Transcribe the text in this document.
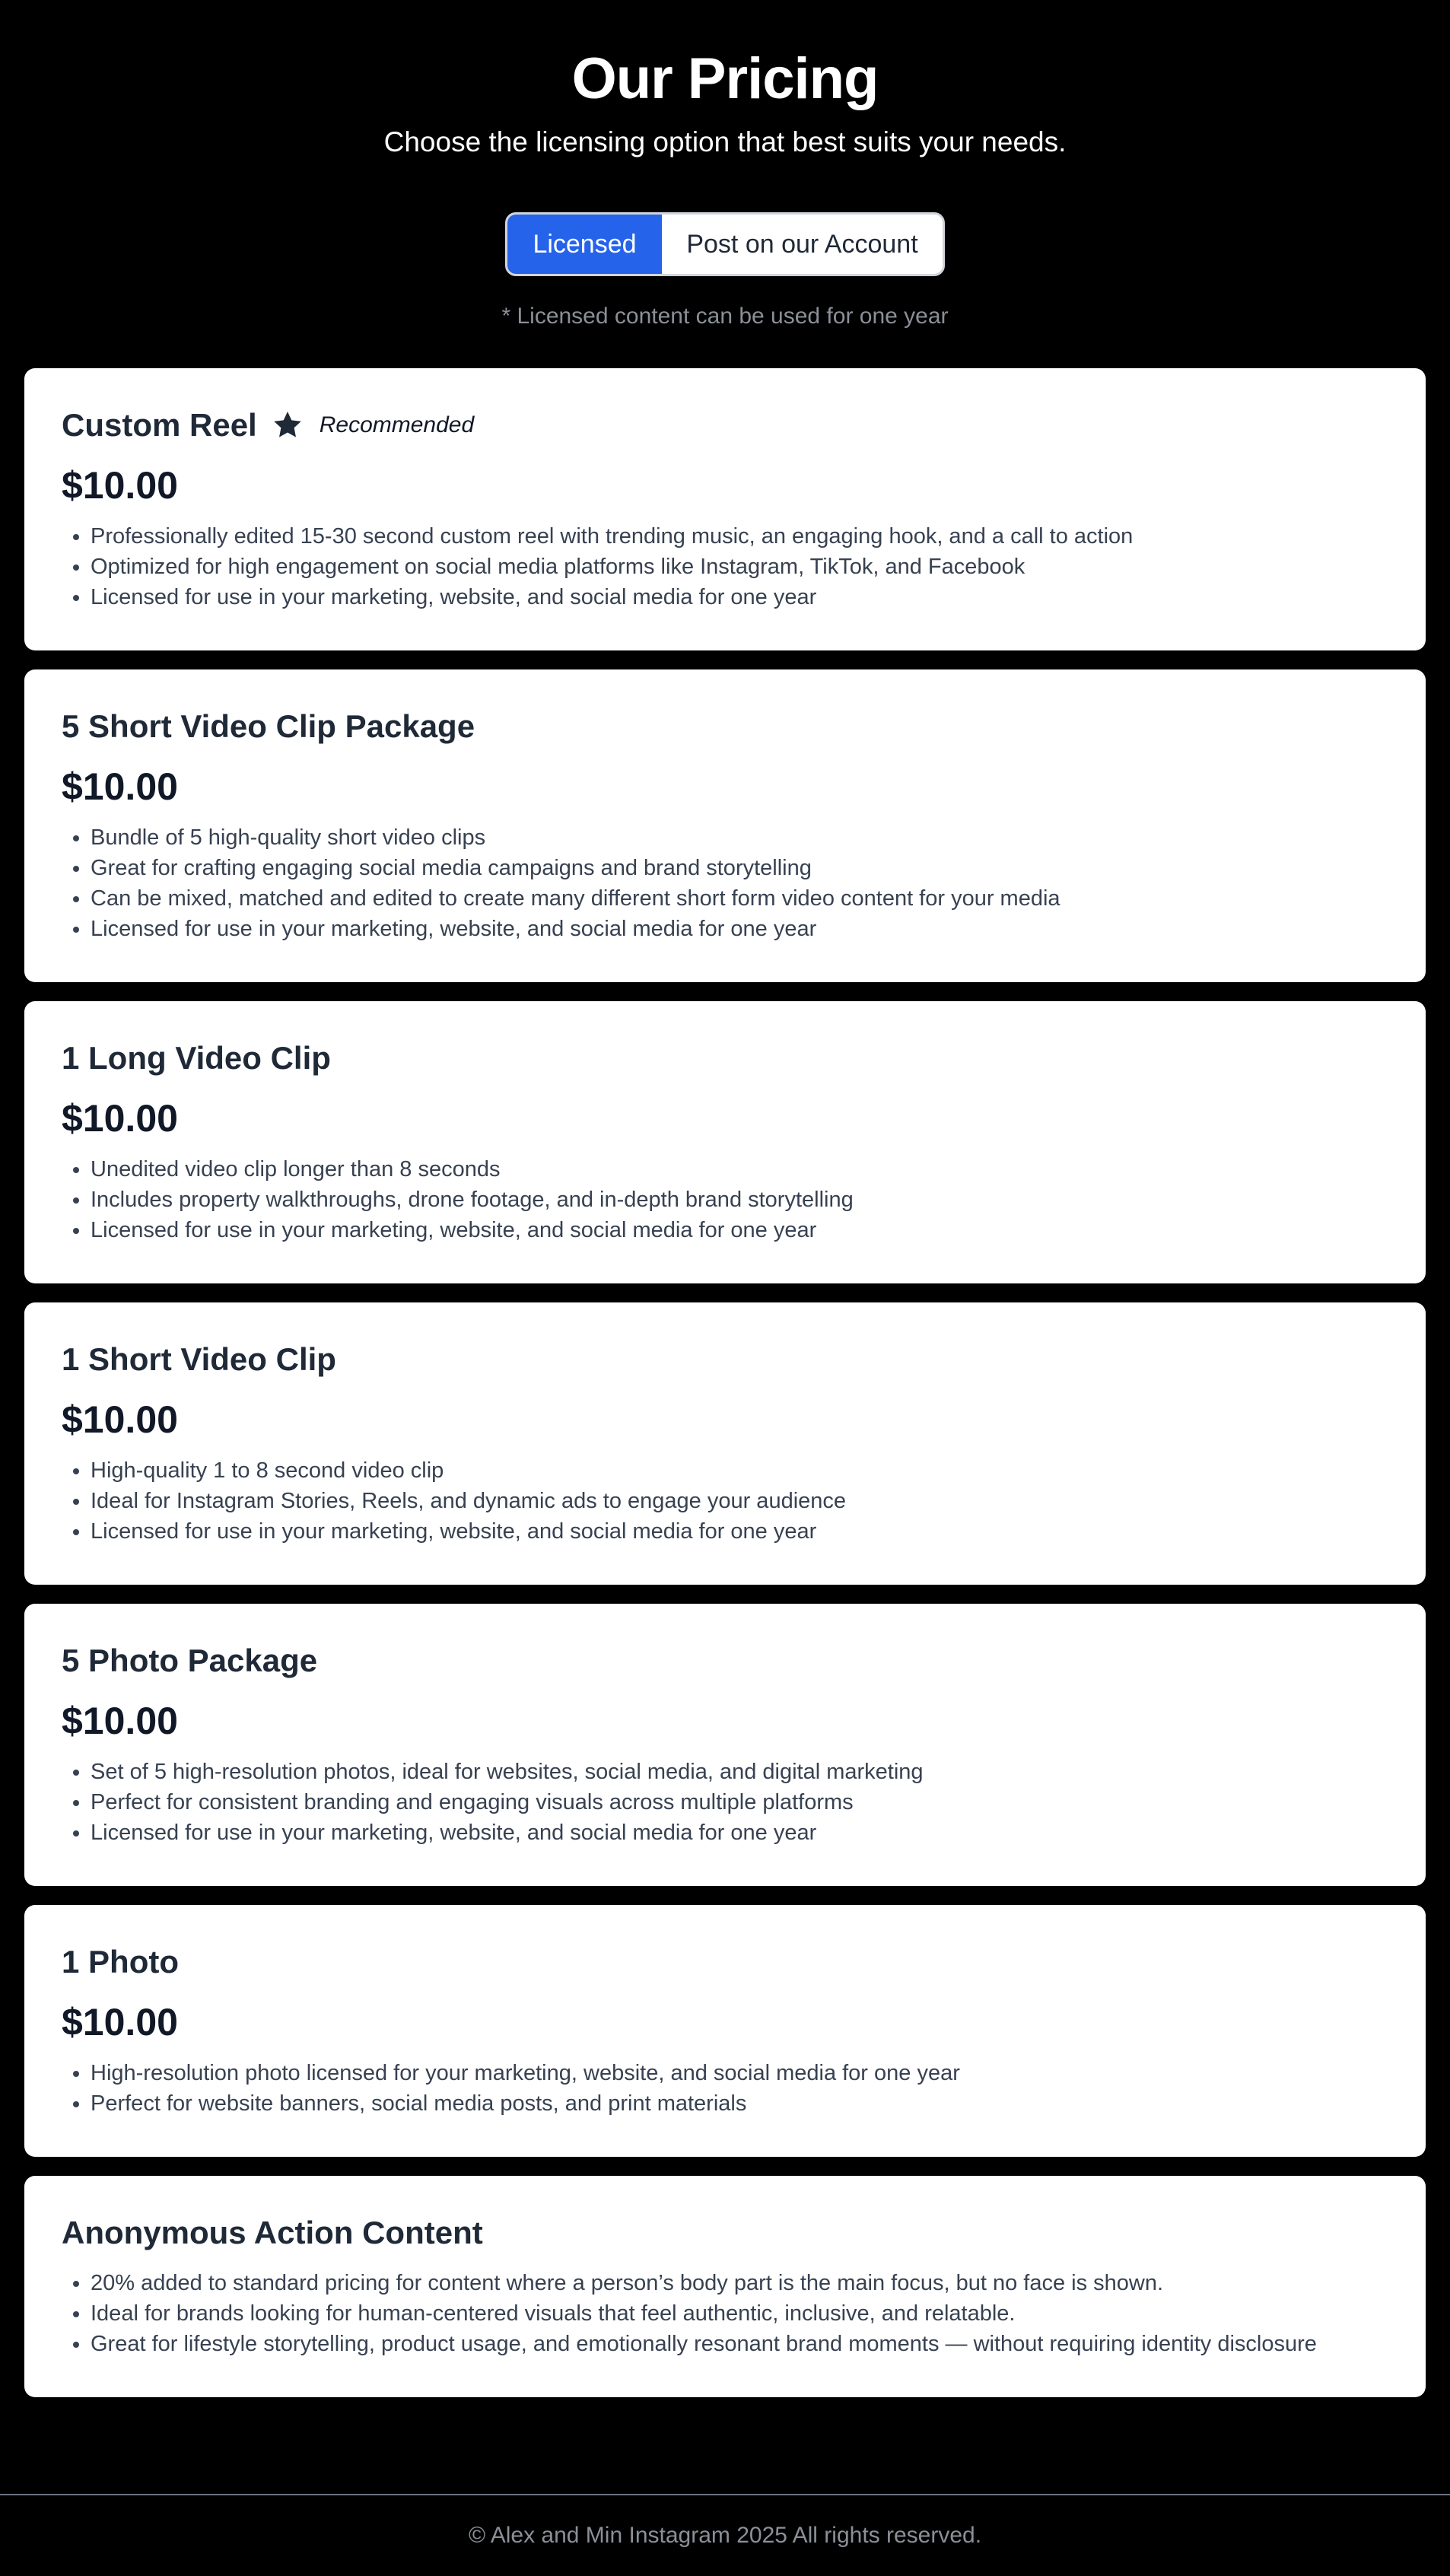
Our Pricing

Choose the licensing option that best suits your needs.

Licensed	Post on our Account
* Licensed content can be used for one year
Custom Reel	Recommended
$10.00
• Professionally edited 15-30 second custom reel with trending music, an engaging hook, and a call to action
• Optimized for high engagement on social media platforms like Instagram, TikTok, and Facebook
• Licensed for use in your marketing, website, and social media for one year
5 Short Video Clip Package
$10.00
• Bundle of 5 high-quality short video clips
• Great for crafting engaging social media campaigns and brand storytelling
• Can be mixed, matched and edited to create many different short form video content for your media
• Licensed for use in your marketing, website, and social media for one year
1 Long Video Clip
$10.00
• Unedited video clip longer than 8 seconds
• Includes property walkthroughs, drone footage, and in-depth brand storytelling
• Licensed for use in your marketing, website, and social media for one year
1 Short Video Clip
$10.00
• High-quality 1 to 8 second video clip
• Ideal for Instagram Stories, Reels, and dynamic ads to engage your audience
• Licensed for use in your marketing, website, and social media for one year
5 Photo Package
$10.00
• Set of 5 high-resolution photos, ideal for websites, social media, and digital marketing
• Perfect for consistent branding and engaging visuals across multiple platforms
• Licensed for use in your marketing, website, and social media for one year
1 Photo
$10.00
• High-resolution photo licensed for your marketing, website, and social media for one year
• Perfect for website banners, social media posts, and print materials
Anonymous Action Content
• 20% added to standard pricing for content where a person’s body part is the main focus, but no face is shown.
• Ideal for brands looking for human-centered visuals that feel authentic, inclusive, and relatable.
• Great for lifestyle storytelling, product usage, and emotionally resonant brand moments — without requiring identity disclosure
© Alex and Min Instagram 2025 All rights reserved.
